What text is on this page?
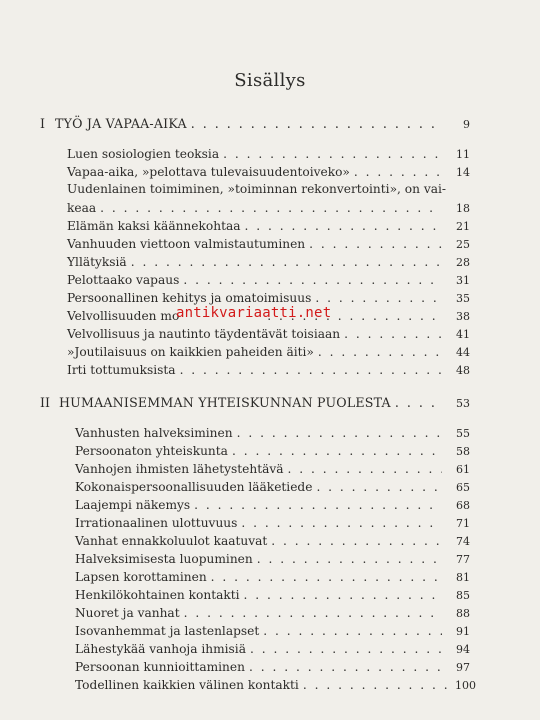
Sisällys
I TYÖ JA VAPAA-AIKA . . .	9
Luen sosiologien teoksia . . .	11
Vapaa-aika, »pelottava tulevaisuudentoiveko» . . .	14
Uudenlainen toimiminen, »toiminnan rekonvertointi», on vai-
keaa . . .	18
Elämän kaksi käännekohtaa . . .	21
Vanhuuden viettoon valmistautuminen . . .	25
Yllätyksiä . . .	28
Pelottaako vapaus . . .	31
Persoonallinen kehitys ja omatoimisuus . . .	35
Velvollisuuden mo . . .	38
Velvollisuus ja nautinto täydentävät toisiaan . . .	41
»Joutilaisuus on kaikkien paheiden äiti» . . .	44
Irti tottumuksista . . .	48
II HUMAANISEMMAN YHTEISKUNNAN PUOLESTA . . .	53
Vanhusten halveksiminen . . .	55
Persoonaton yhteiskunta . . .	58
Vanhojen ihmisten lähetystehtävä . . .	61
Kokonaispersoonallisuuden lääketiede . . .	65
Laajempi näkemys . . .	68
Irrationaalinen ulottuvuus . . .	71
Vanhat ennakkoluulot kaatuvat . . .	74
Halveksimisesta luopuminen . . .	77
Lapsen korottaminen . . .	81
Henkilökohtainen kontakti . . .	85
Nuoret ja vanhat . . .	88
Isovanhemmat ja lastenlapset . . .	91
Lähestykää vanhoja ihmisiä . . .	94
Persoonan kunnioittaminen . . .	97
Todellinen kaikkien välinen kontakti . . .	100
antikvariaatti.net
